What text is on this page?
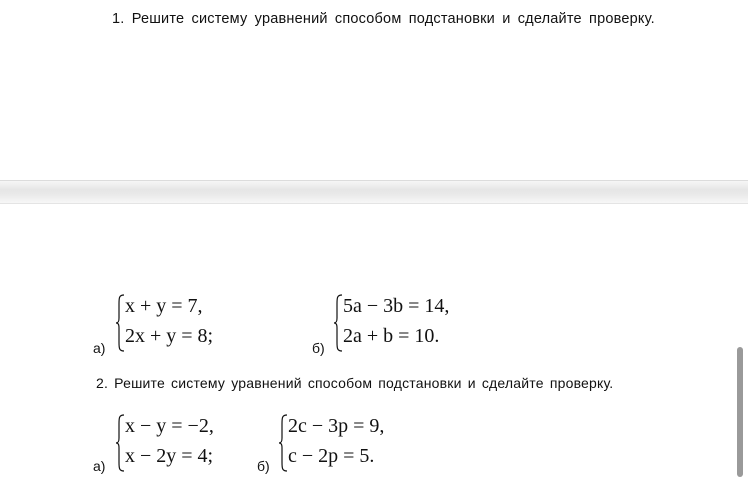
1. Решите систему уравнений способом подстановки и сделайте проверку.
а)
x + y = 7,
2x + y = 8;
б)
5a − 3b = 14,
2a + b = 10.
2. Решите систему уравнений способом подстановки и сделайте проверку.
а)
x − y = −2,
x − 2y = 4;	б)
2c − 3p = 9,
c − 2p = 5.
